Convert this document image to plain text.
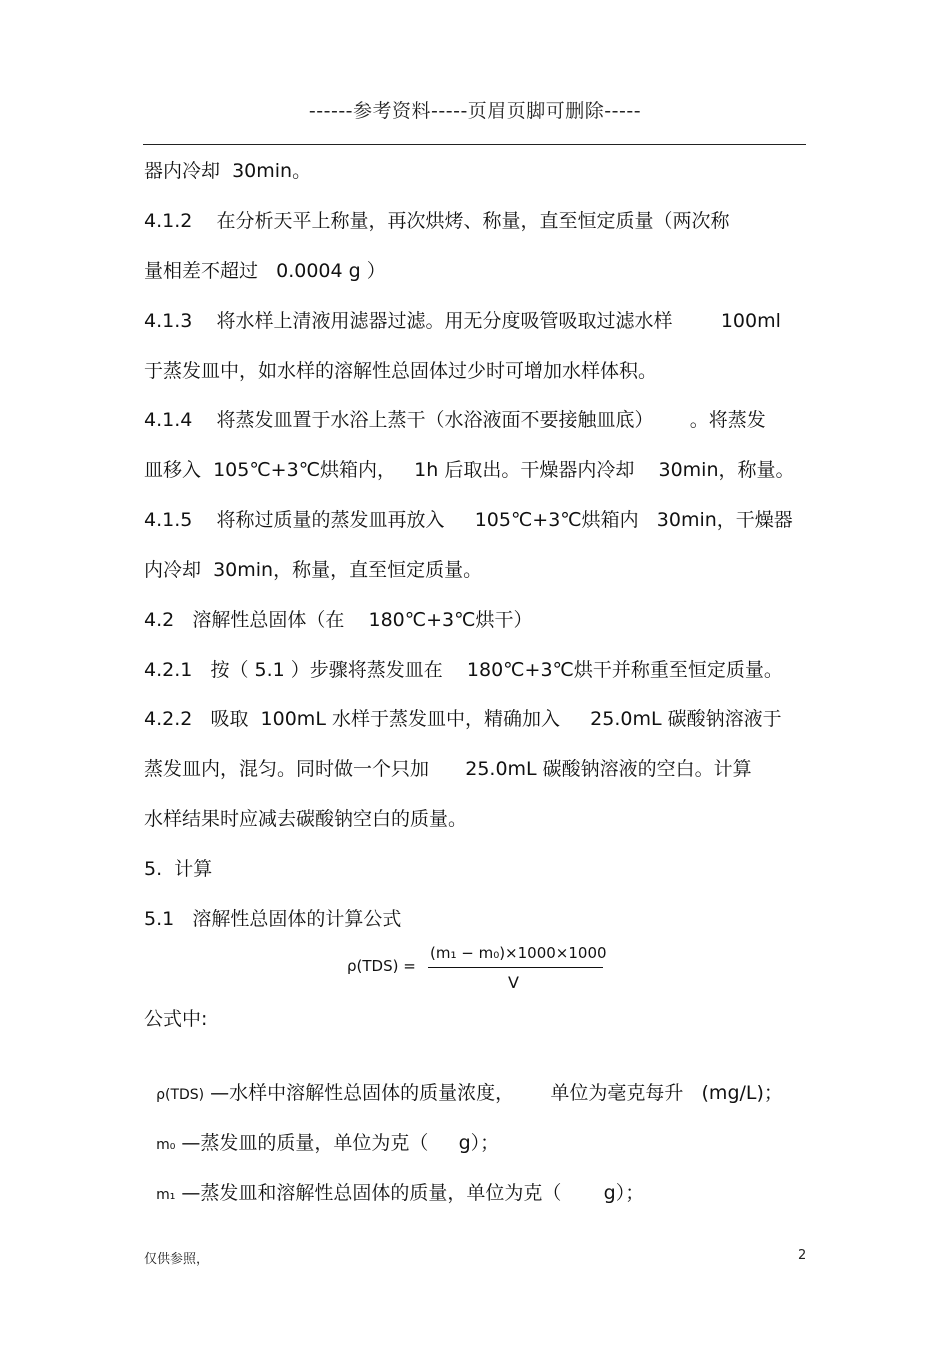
------参考资料-----页眉页脚可删除-----
器内冷却  30min。
4.1.2    在分析天平上称量，再次烘烤、称量，直至恒定质量（两次称
量相差不超过   0.0004 g ）
4.1.3    将水样上清液用滤器过滤。用无分度吸管吸取过滤水样        100ml
于蒸发皿中，如水样的溶解性总固体过少时可增加水样体积。
4.1.4    将蒸发皿置于水浴上蒸干（水浴液面不要接触皿底）      。将蒸发
皿移入  105℃+3℃烘箱内，   1h 后取出。干燥器内冷却    30min，称量。
4.1.5    将称过质量的蒸发皿再放入     105℃+3℃烘箱内   30min，干燥器
内冷却  30min，称量，直至恒定质量。
4.2   溶解性总固体（在    180℃+3℃烘干）
4.2.1   按（ 5.1 ）步骤将蒸发皿在    180℃+3℃烘干并称重至恒定质量。
4.2.2   吸取  100mL 水样于蒸发皿中，精确加入     25.0mL 碳酸钠溶液于
蒸发皿内，混匀。同时做一个只加      25.0mL 碳酸钠溶液的空白。计算
水样结果时应减去碳酸钠空白的质量。
5.  计算
5.1   溶解性总固体的计算公式
ρ(TDS) =
(m₁ − m₀)×1000×1000
V
公式中:

ρ(TDS) —水样中溶解性总固体的质量浓度，      单位为毫克每升   (mg/L)；

m₀ —蒸发皿的质量，单位为克（     g）；

m₁ —蒸发皿和溶解性总固体的质量，单位为克（       g）；

仅供参照，	2
